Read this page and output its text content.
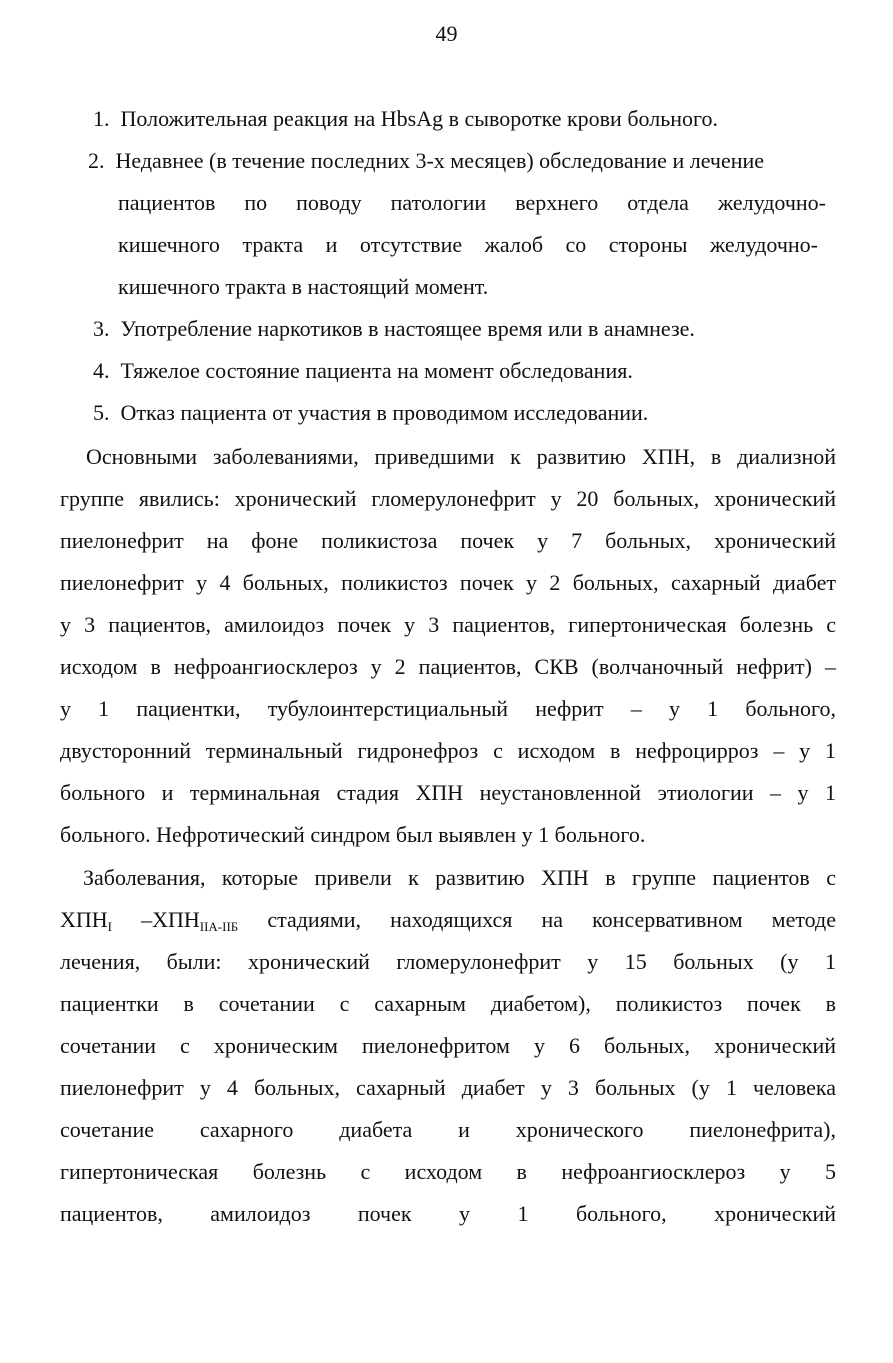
49
1.  Положительная реакция на HbsAg в сыворотке крови больного.
2.  Недавнее (в течение последних 3-х месяцев) обследование и лечение
пациентов по поводу патологии верхнего отдела желудочно-
кишечного тракта и отсутствие жалоб со стороны желудочно-
кишечного тракта в настоящий момент.
3.  Употребление наркотиков в настоящее время или в анамнезе.
4.  Тяжелое состояние пациента на момент обследования.
5.  Отказ пациента от участия в проводимом исследовании.
Основными заболеваниями, приведшими к развитию ХПН, в диализной
группе явились: хронический гломерулонефрит у 20 больных, хронический
пиелонефрит на фоне поликистоза почек у 7 больных, хронический
пиелонефрит у 4 больных, поликистоз почек у 2 больных, сахарный диабет
у 3 пациентов, амилоидоз почек у 3 пациентов, гипертоническая болезнь с
исходом в нефроангиосклероз у 2 пациентов, СКВ (волчаночный нефрит) –
у 1 пациентки, тубулоинтерстициальный нефрит – у 1 больного,
двусторонний терминальный гидронефроз с исходом в нефроцирроз – у 1
больного и терминальная стадия ХПН неустановленной этиологии – у 1
больного. Нефротический синдром был выявлен у 1 больного.
Заболевания, которые привели к развитию ХПН в группе пациентов с
$ХПН_I$ $-ХПН_{IIА-IIБ}$ стадиями, находящихся на консервативном методе
лечения, были: хронический гломерулонефрит у 15 больных (у 1
пациентки в сочетании с сахарным диабетом), поликистоз почек в
сочетании с хроническим пиелонефритом у 6 больных, хронический
пиелонефрит у 4 больных, сахарный диабет у 3 больных (у 1 человека
сочетание сахарного диабета и хронического пиелонефрита),
гипертоническая болезнь с исходом в нефроангиосклероз у 5
пациентов, амилоидоз почек у 1 больного, хронический
